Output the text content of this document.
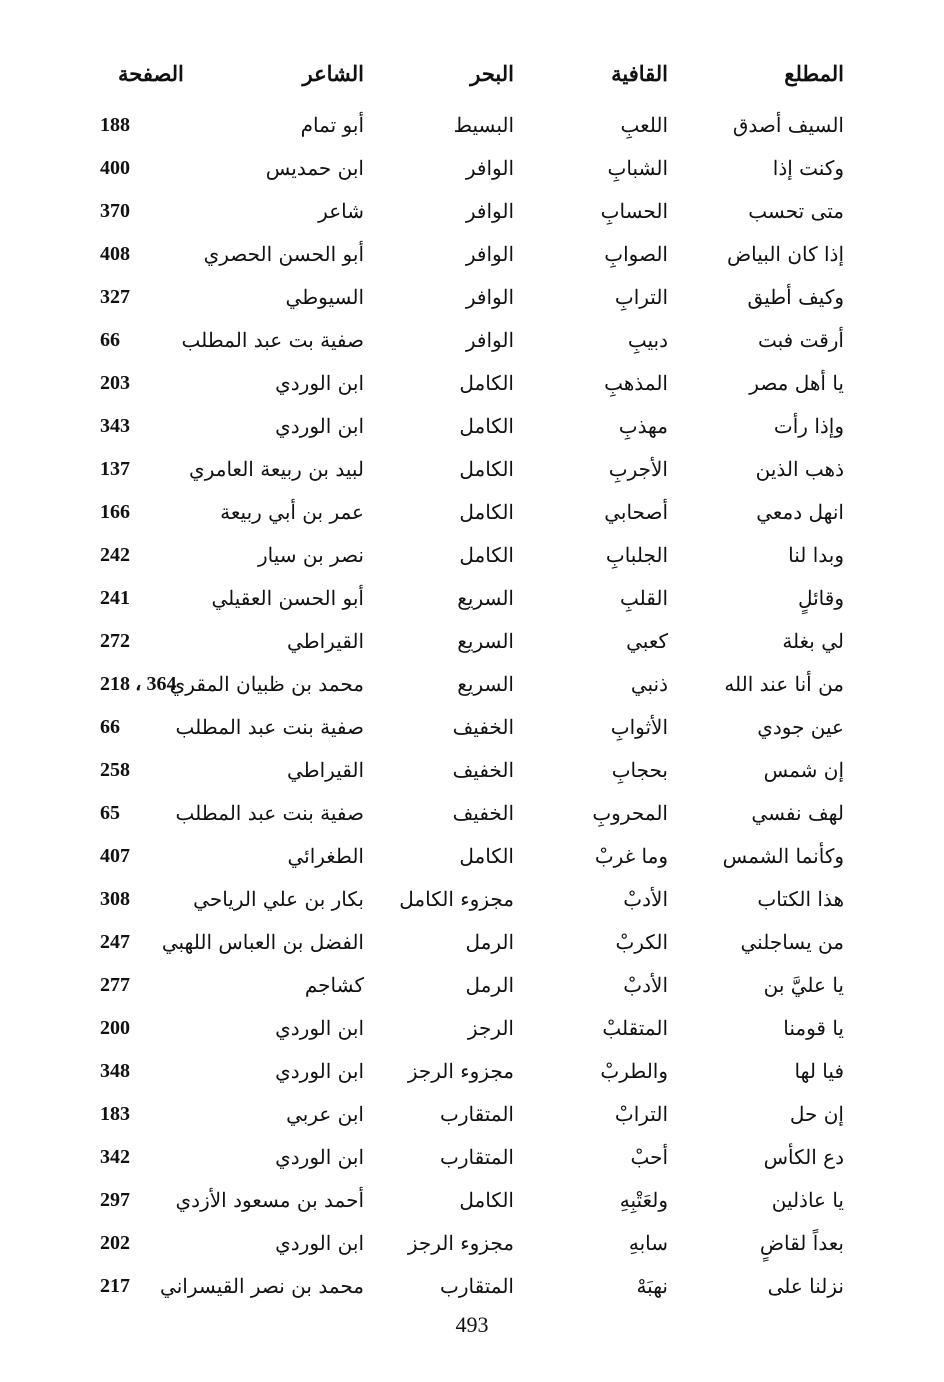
المطلع
القافية
البحر
الشاعر
الصفحة
السيف أصدق
اللعبِ
البسيط
أبو تمام
188
وكنت إذا
الشبابِ
الوافر
ابن حمديس
400
متى تحسب
الحسابِ
الوافر
شاعر
370
إذا كان البياض
الصوابِ
الوافر
أبو الحسن الحصري
408
وكيف أطيق
الترابِ
الوافر
السيوطي
327
أرقت فبت
دبيبِ
الوافر
صفية بت عبد المطلب
66
يا أهل مصر
المذهبِ
الكامل
ابن الوردي
203
وإذا رأت
مهذبِ
الكامل
ابن الوردي
343
ذهب الذين
الأجربِ
الكامل
لبيد بن ربيعة العامري
137
انهل دمعي
أصحابي
الكامل
عمر بن أبي ربيعة
166
وبدا لنا
الجلبابِ
الكامل
نصر بن سيار
242
وقائلٍ
القلبِ
السريع
أبو الحسن العقيلي
241
لي بغلة
كعبي
السريع
القيراطي
272
من أنا عند الله
ذنبي
السريع
محمد بن ظبيان المقري
218 ، 364
عين جودي
الأثوابِ
الخفيف
صفية بنت عبد المطلب
66
إن شمس
بحجابِ
الخفيف
القيراطي
258
لهف نفسي
المحروبِ
الخفيف
صفية بنت عبد المطلب
65
وكأنما الشمس
وما غربْ
الكامل
الطغرائي
407
هذا الكتاب
الأدبْ
مجزوء الكامل
بكار بن علي الرياحي
308
من يساجلني
الكربْ
الرمل
الفضل بن العباس اللهبي
247
يا عليَّ بن
الأدبْ
الرمل
كشاجم
277
يا قومنا
المتقلبْ
الرجز
ابن الوردي
200
فيا لها
والطربْ
مجزوء الرجز
ابن الوردي
348
إن حل
الترابْ
المتقارب
ابن عربي
183
دع الكأس
أحبْ
المتقارب
ابن الوردي
342
يا عاذلين
ولعَتْبِهِ
الكامل
أحمد بن مسعود الأزدي
297
بعداً لقاضٍ
سابهِ
مجزوء الرجز
ابن الوردي
202
نزلنا على
نهبَهْ
المتقارب
محمد بن نصر القيسراني
217
493
